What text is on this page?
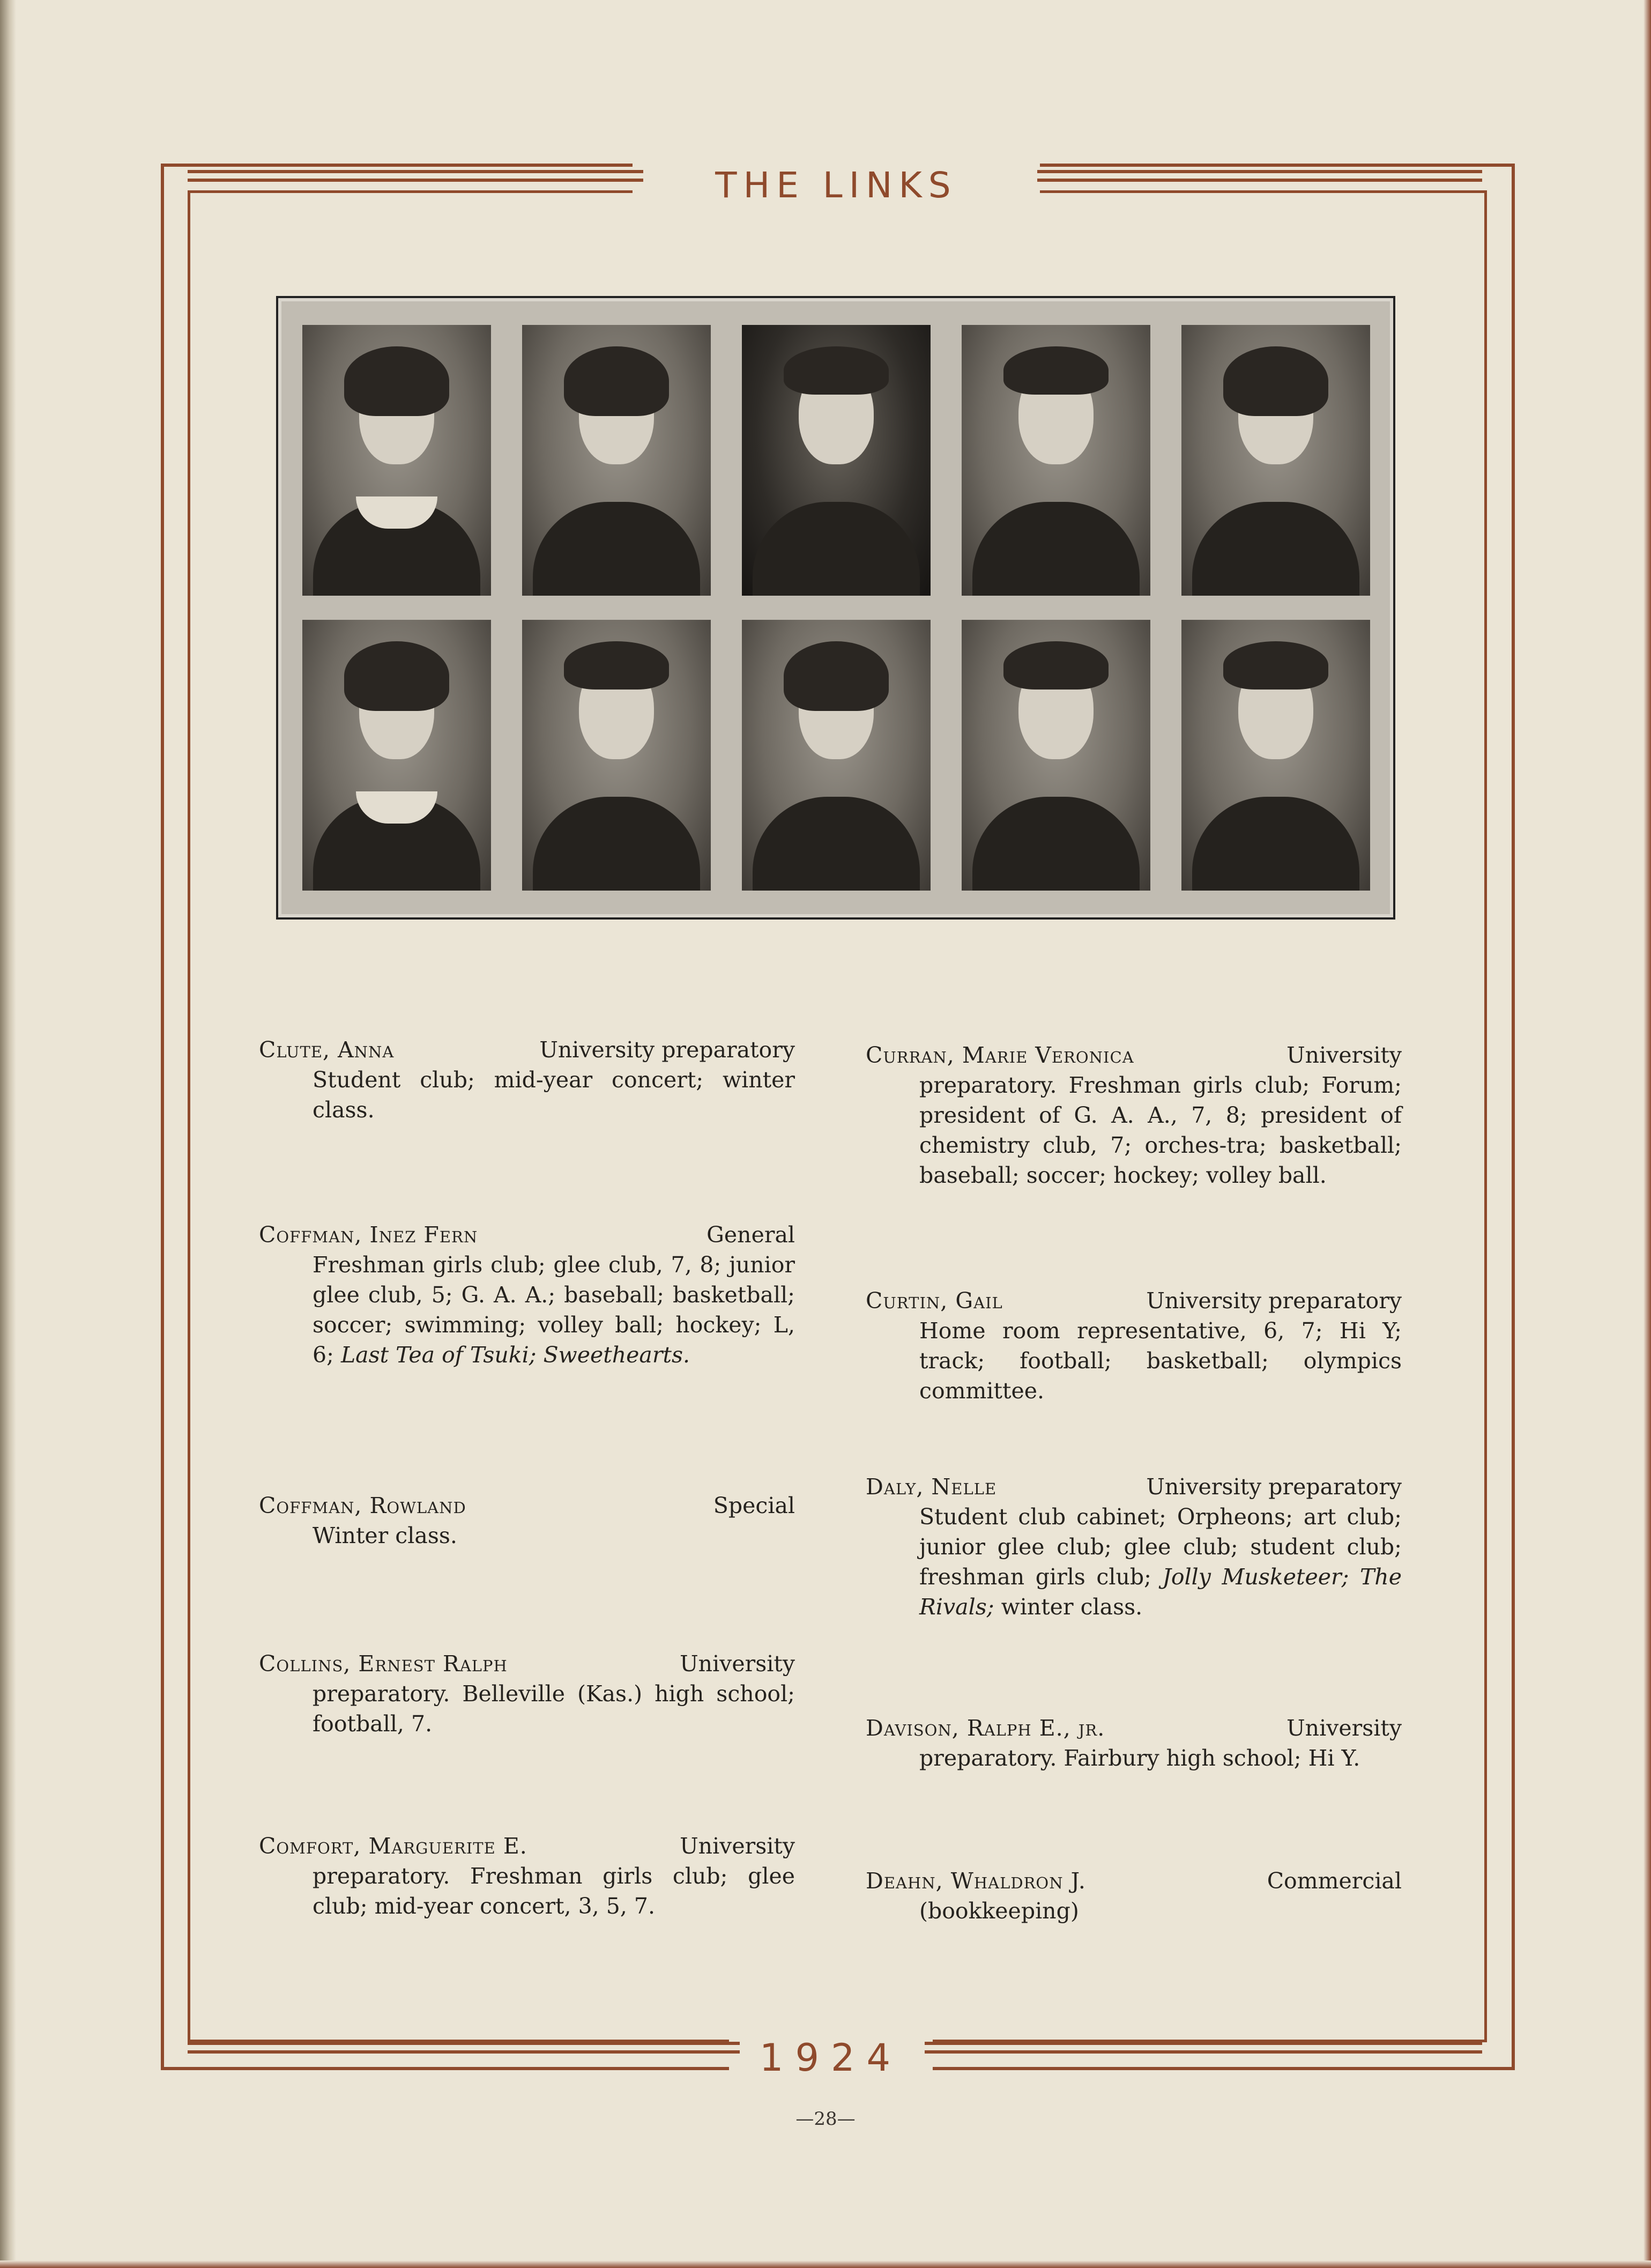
THE LINKS
Clute, Anna	University preparatory
Student club; mid-year concert; winter class.
Coffman, Inez Fern	General
Freshman girls club; glee club, 7, 8; junior glee club, 5; G. A. A.; baseball; basketball; soccer; swimming; volley ball; hockey; L, 6; Last Tea of Tsuki; Sweethearts.
Coffman, Rowland	Special
Winter class.
Collins, Ernest Ralph	University
preparatory. Belleville (Kas.) high school; football, 7.
Comfort, Marguerite E.	University
preparatory. Freshman girls club; glee club; mid-year concert, 3, 5, 7.
Curran, Marie Veronica	University
preparatory. Freshman girls club; Forum; president of G. A. A., 7, 8; president of chemistry club, 7; orches-tra; basketball; baseball; soccer; hockey; volley ball.
Curtin, Gail	University preparatory
Home room representative, 6, 7; Hi Y; track; football; basketball; olympics committee.
Daly, Nelle	University preparatory
Student club cabinet; Orpheons; art club; junior glee club; glee club; student club; freshman girls club; Jolly Musketeer; The Rivals; winter class.
Davison, Ralph E., jr.	University
preparatory. Fairbury high school; Hi Y.
Deahn, Whaldron J.	Commercial
(bookkeeping)
1924
—28—
